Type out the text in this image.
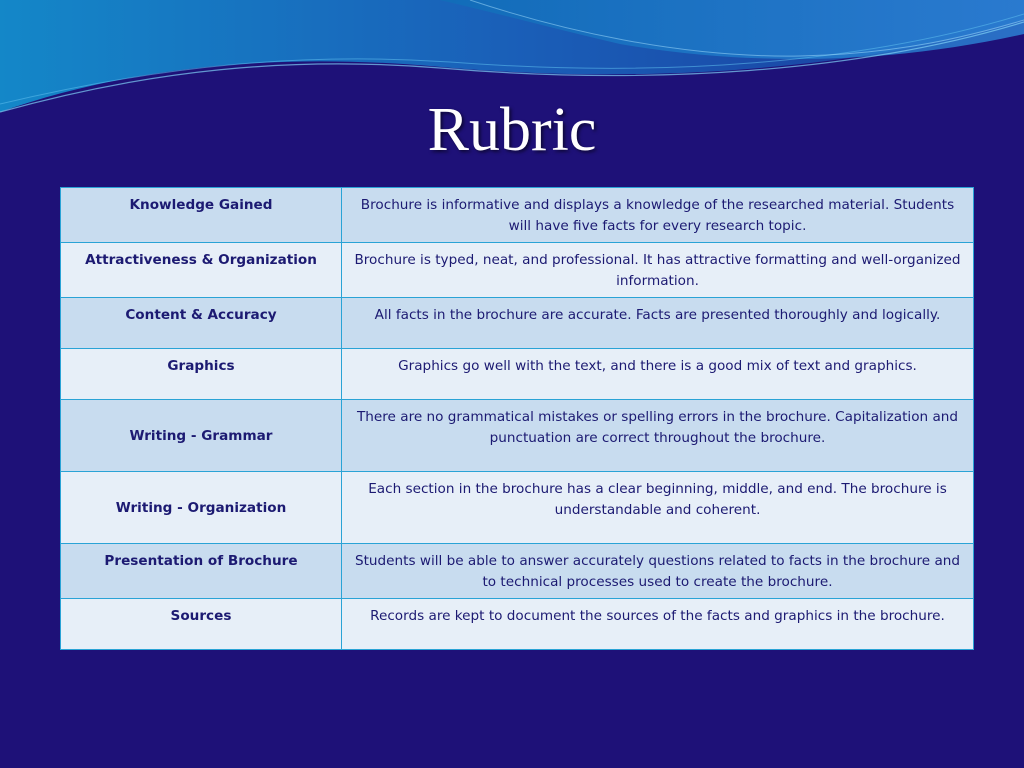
Rubric
Knowledge Gained	Brochure is informative and displays a knowledge of the researched material. Students will have five facts for every research topic.
Attractiveness & Organization	Brochure is typed, neat, and professional. It has attractive formatting and well-organized information.
Content & Accuracy	All facts in the brochure are accurate. Facts are presented thoroughly and logically.
Graphics	Graphics go well with the text, and there is a good mix of text and graphics.
Writing - Grammar	There are no grammatical mistakes or spelling errors in the brochure. Capitalization and punctuation are correct throughout the brochure.
Writing - Organization	Each section in the brochure has a clear beginning, middle, and end. The brochure is understandable and coherent.
Presentation of Brochure	Students will be able to answer accurately questions related to facts in the brochure and to technical processes used to create the brochure.
Sources	Records are kept to document the sources of the facts and graphics in the brochure.
